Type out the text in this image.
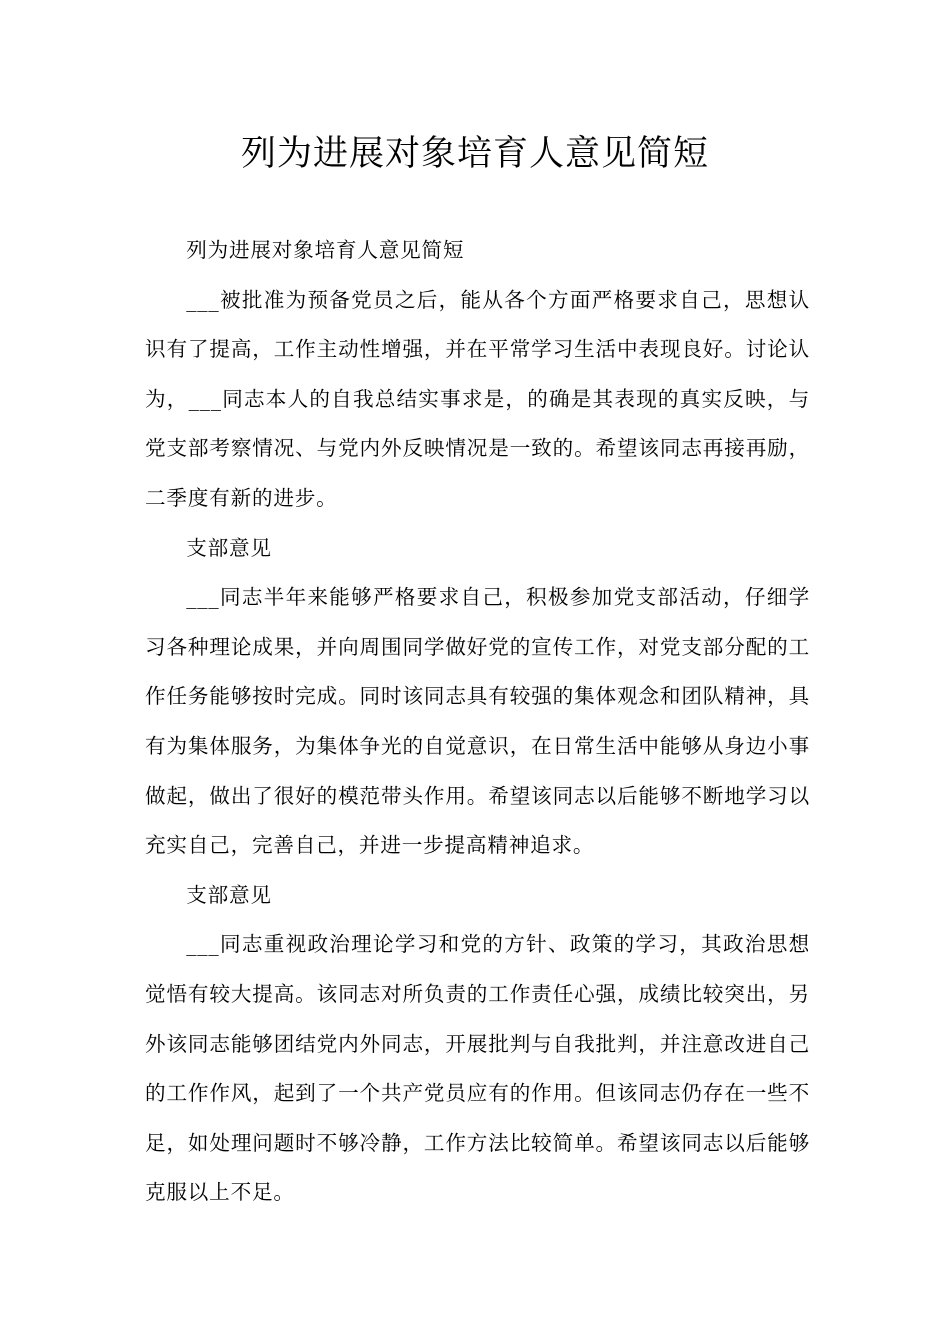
列为进展对象培育人意见简短

列为进展对象培育人意见简短

___被批准为预备党员之后，能从各个方面严格要求自己，思想认识有了提高，工作主动性增强，并在平常学习生活中表现良好。讨论认为，___同志本人的自我总结实事求是，的确是其表现的真实反映，与党支部考察情况、与党内外反映情况是一致的。希望该同志再接再励，二季度有新的进步。

支部意见

___同志半年来能够严格要求自己，积极参加党支部活动，仔细学习各种理论成果，并向周围同学做好党的宣传工作，对党支部分配的工作任务能够按时完成。同时该同志具有较强的集体观念和团队精神，具有为集体服务，为集体争光的自觉意识，在日常生活中能够从身边小事做起，做出了很好的模范带头作用。希望该同志以后能够不断地学习以充实自己，完善自己，并进一步提高精神追求。

支部意见

___同志重视政治理论学习和党的方针、政策的学习，其政治思想觉悟有较大提高。该同志对所负责的工作责任心强，成绩比较突出，另外该同志能够团结党内外同志，开展批判与自我批判，并注意改进自己的工作作风，起到了一个共产党员应有的作用。但该同志仍存在一些不足，如处理问题时不够冷静，工作方法比较简单。希望该同志以后能够克服以上不足。
